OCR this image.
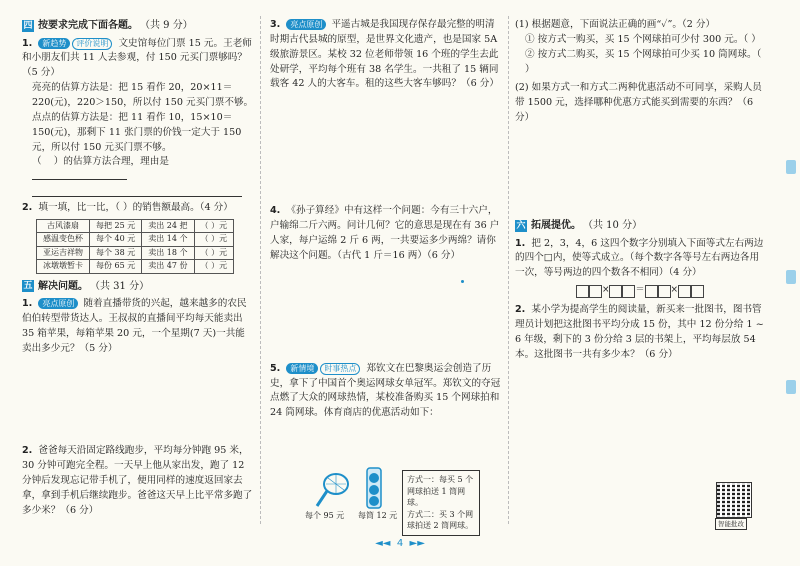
四 按要求完成下面各题。 （共 9 分）
1. 新趋势 评价说明 文史馆每位门票 15 元。王老师和小朋友们共 11 人去参观，付 150 元买门票够吗？（5 分）
亮亮的估算方法是：把 15 看作 20，20×11＝220(元)，220＞150，所以付 150 元买门票不够。
点点的估算方法是：把 11 看作 10，15×10＝150(元)，那剩下 11 张门票的价钱一定大于 150 元，所以付 150 元买门票不够。
（ ）的估算方法合理，理由是
2. 填一填，比一比，（ ）的销售额最高。（4 分）
古风漆扇	每把 25 元	卖出 24 把	（ ）元
感温变色杯	每个 40 元	卖出 14 个	（ ）元
亚运吉祥物	每个 38 元	卖出 18 个	（ ）元
冰墩墩暂卡	每份 65 元	卖出 47 份	（ ）元
五 解决问题。 （共 31 分）
1. 亮点原创 随着直播带货的兴起，越来越多的农民伯伯转型带货达人。王叔叔的直播间平均每天能卖出 35 箱苹果，每箱苹果 20 元，一个星期(7 天)一共能卖出多少元？（5 分）
2. 爸爸每天沿固定路线跑步，平均每分钟跑 95 米，30 分钟可跑完全程。一天早上他从家出发，跑了 12 分钟后发现忘记带手机了，便用同样的速度返回家去拿，拿到手机后继续跑步。爸爸这天早上比平常多跑了多少米？（6 分）
3. 亮点原创 平遥古城是我国现存保存最完整的明清时期古代县城的原型，是世界文化遗产，也是国家 5A 级旅游景区。某校 32 位老师带领 16 个班的学生去此处研学，平均每个班有 38 名学生。一共租了 15 辆同载客 42 人的大客车。租的这些大客车够吗？（6 分）
4. 《孙子算经》中有这样一个问题：今有三十六户，户输绵二斤六两。问计几何？它的意思是现在有 36 户人家，每户运绵 2 斤 6 两，一共要运多少两绵？请你解决这个问题。（古代 1 斤＝16 两）（6 分）
5. 新情境 时事热点 郑钦文在巴黎奥运会创造了历史，拿下了中国首个奥运网球女单冠军。郑钦文的夺冠点燃了大众的网球热情，某校准备购买 15 个网球拍和 24 筒网球。体育商店的优惠活动如下：
每个 95 元 每筒 12 元
方式一：每买 5 个网球拍送 1 筒网球。
方式二：买 3 个网球拍送 2 筒网球。
(1) 根据题意，下面说法正确的画“✓”。（2 分）
① 按方式一购买，买 15 个网球拍可少付 300 元。（ ）
② 按方式二购买，买 15 个网球拍可少买 10 筒网球。（ ）
(2) 如果方式一和方式二两种优惠活动不可同享，采购人员带 1500 元，选择哪种优惠方式能买到需要的东西？（6 分）
六 拓展提优。 （共 10 分）
1. 把 2，3，4，6 这四个数字分别填入下面等式左右两边的四个□内，使等式成立。（每个数字各等号左右两边各用一次，等号两边的四个数各不相同）（4 分）
×	＝	×
2. 某小学为提高学生的阅读量，新买来一批图书，图书管理员计划把这批图书平均分成 15 份，其中 12 份分给 1 ~ 6 年级，剩下的 3 份分给 3 层的书架上，平均每层放 54 本。这批图书一共有多少本？（6 分）
智能批改
◄◄ 4 ►►
